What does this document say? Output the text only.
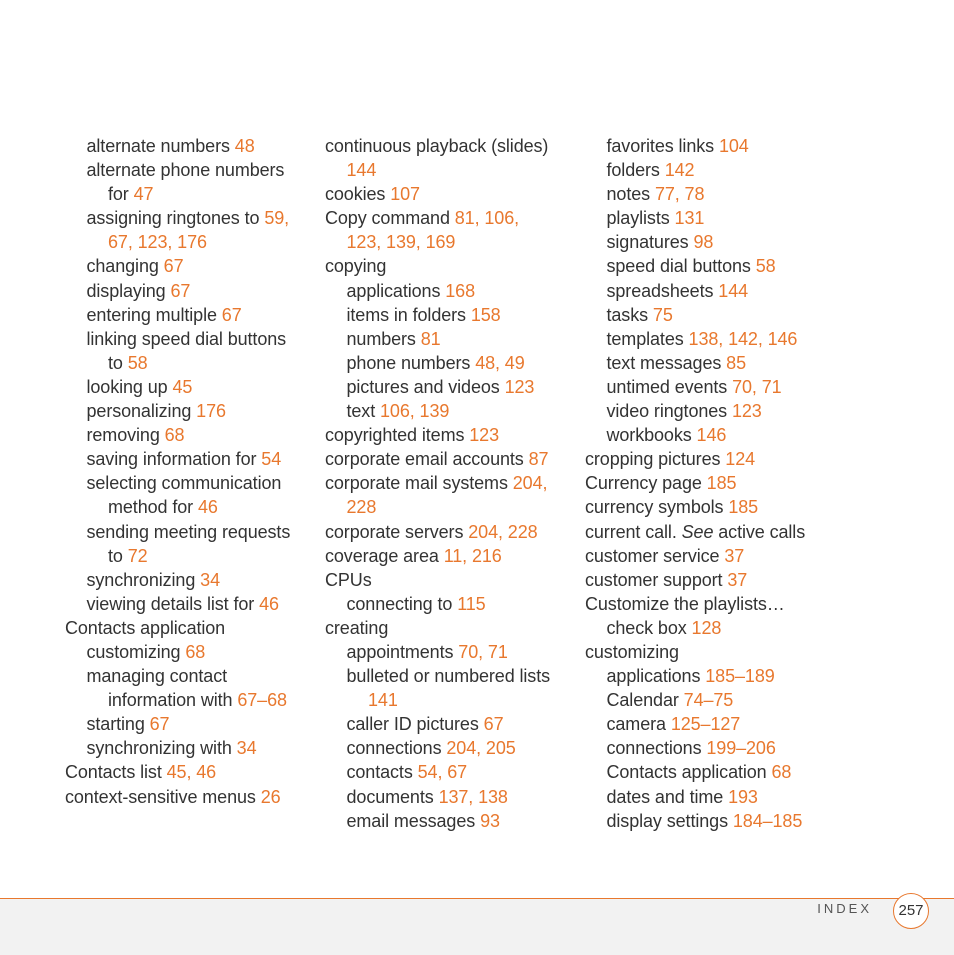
alternate numbers 48
alternate phone numbers
for 47
assigning ringtones to 59,
67, 123, 176
changing 67
displaying 67
entering multiple 67
linking speed dial buttons
to 58
looking up 45
personalizing 176
removing 68
saving information for 54
selecting communication
method for 46
sending meeting requests
to 72
synchronizing 34
viewing details list for 46
Contacts application
customizing 68
managing contact
information with 67–68
starting 67
synchronizing with 34
Contacts list 45, 46
context-sensitive menus 26
continuous playback (slides)
144
cookies 107
Copy command 81, 106,
123, 139, 169
copying
applications 168
items in folders 158
numbers 81
phone numbers 48, 49
pictures and videos 123
text 106, 139
copyrighted items 123
corporate email accounts 87
corporate mail systems 204,
228
corporate servers 204, 228
coverage area 11, 216
CPUs
connecting to 115
creating
appointments 70, 71
bulleted or numbered lists
141
caller ID pictures 67
connections 204, 205
contacts 54, 67
documents 137, 138
email messages 93
favorites links 104
folders 142
notes 77, 78
playlists 131
signatures 98
speed dial buttons 58
spreadsheets 144
tasks 75
templates 138, 142, 146
text messages 85
untimed events 70, 71
video ringtones 123
workbooks 146
cropping pictures 124
Currency page 185
currency symbols 185
current call. See active calls
customer service 37
customer support 37
Customize the playlists…
check box 128
customizing
applications 185–189
Calendar 74–75
camera 125–127
connections 199–206
Contacts application 68
dates and time 193
display settings 184–185
INDEX	257
